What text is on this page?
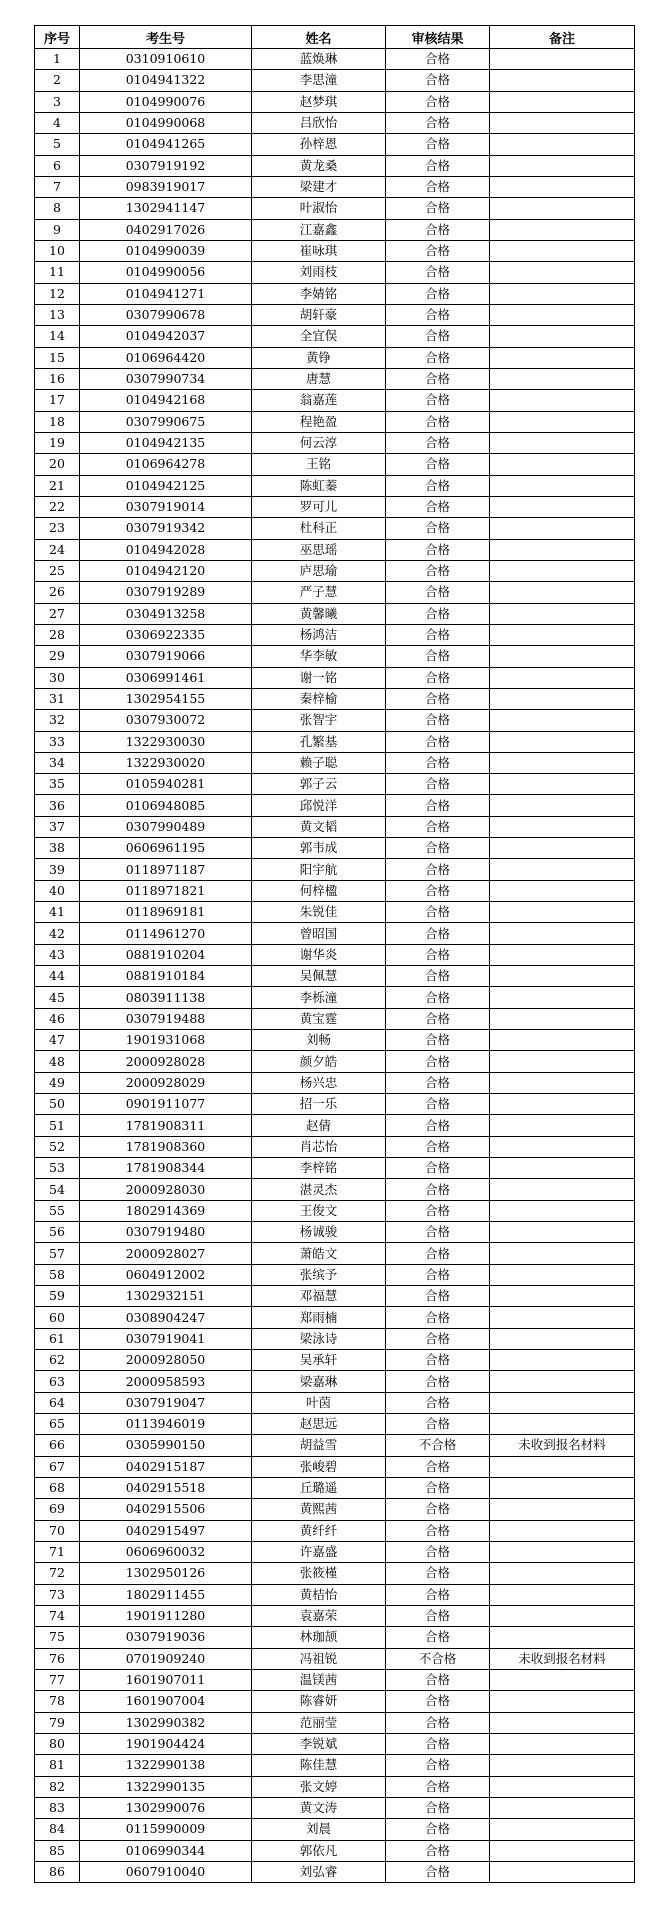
序号	考生号	姓名	审核结果	备注
1	0310910610	蓝焕琳	合格	
2	0104941322	李思潼	合格	
3	0104990076	赵梦琪	合格	
4	0104990068	吕欣怡	合格	
5	0104941265	孙梓恩	合格	
6	0307919192	黄龙桑	合格	
7	0983919017	梁建才	合格	
8	1302941147	叶淑怡	合格	
9	0402917026	江嘉鑫	合格	
10	0104990039	崔咏琪	合格	
11	0104990056	刘雨枝	合格	
12	0104941271	李婧铭	合格	
13	0307990678	胡轩豪	合格	
14	0104942037	全宜俣	合格	
15	0106964420	黄铮	合格	
16	0307990734	唐慧	合格	
17	0104942168	翁嘉莲	合格	
18	0307990675	程艳盈	合格	
19	0104942135	何云淳	合格	
20	0106964278	王铭	合格	
21	0104942125	陈虹蓁	合格	
22	0307919014	罗可儿	合格	
23	0307919342	杜科正	合格	
24	0104942028	巫思瑶	合格	
25	0104942120	庐思瑜	合格	
26	0307919289	严子慧	合格	
27	0304913258	黄馨曦	合格	
28	0306922335	杨鸿洁	合格	
29	0307919066	华李敏	合格	
30	0306991461	谢一铭	合格	
31	1302954155	秦梓榆	合格	
32	0307930072	张智宇	合格	
33	1322930030	孔繁基	合格	
34	1322930020	赖子聪	合格	
35	0105940281	郭子云	合格	
36	0106948085	邱悦洋	合格	
37	0307990489	黄文韬	合格	
38	0606961195	郭韦成	合格	
39	0118971187	阳宇航	合格	
40	0118971821	何梓楹	合格	
41	0118969181	朱锐佳	合格	
42	0114961270	曾昭国	合格	
43	0881910204	谢华炎	合格	
44	0881910184	吴佩慧	合格	
45	0803911138	李栎潼	合格	
46	0307919488	黄宝霆	合格	
47	1901931068	刘畅	合格	
48	2000928028	颜夕皓	合格	
49	2000928029	杨兴忠	合格	
50	0901911077	招一乐	合格	
51	1781908311	赵倩	合格	
52	1781908360	肖芯怡	合格	
53	1781908344	李梓铭	合格	
54	2000928030	湛灵杰	合格	
55	1802914369	王俊文	合格	
56	0307919480	杨诚骏	合格	
57	2000928027	萧皓文	合格	
58	0604912002	张缤予	合格	
59	1302932151	邓福慧	合格	
60	0308904247	郑雨楠	合格	
61	0307919041	梁泳诗	合格	
62	2000928050	吴承轩	合格	
63	2000958593	梁嘉琳	合格	
64	0307919047	叶茵	合格	
65	0113946019	赵思远	合格	
66	0305990150	胡益雪	不合格	未收到报名材料
67	0402915187	张峻碧	合格	
68	0402915518	丘璐遥	合格	
69	0402915506	黄熙茜	合格	
70	0402915497	黄纤纤	合格	
71	0606960032	许嘉盛	合格	
72	1302950126	张筱槿	合格	
73	1802911455	黄桔怡	合格	
74	1901911280	袁嘉荣	合格	
75	0307919036	林珈颉	合格	
76	0701909240	冯祖锐	不合格	未收到报名材料
77	1601907011	温镁茜	合格	
78	1601907004	陈睿妍	合格	
79	1302990382	范丽莹	合格	
80	1901904424	李锐斌	合格	
81	1322990138	陈佳慧	合格	
82	1322990135	张文婷	合格	
83	1302990076	黄文涛	合格	
84	0115990009	刘晨	合格	
85	0106990344	郭依凡	合格	
86	0607910040	刘弘睿	合格	
